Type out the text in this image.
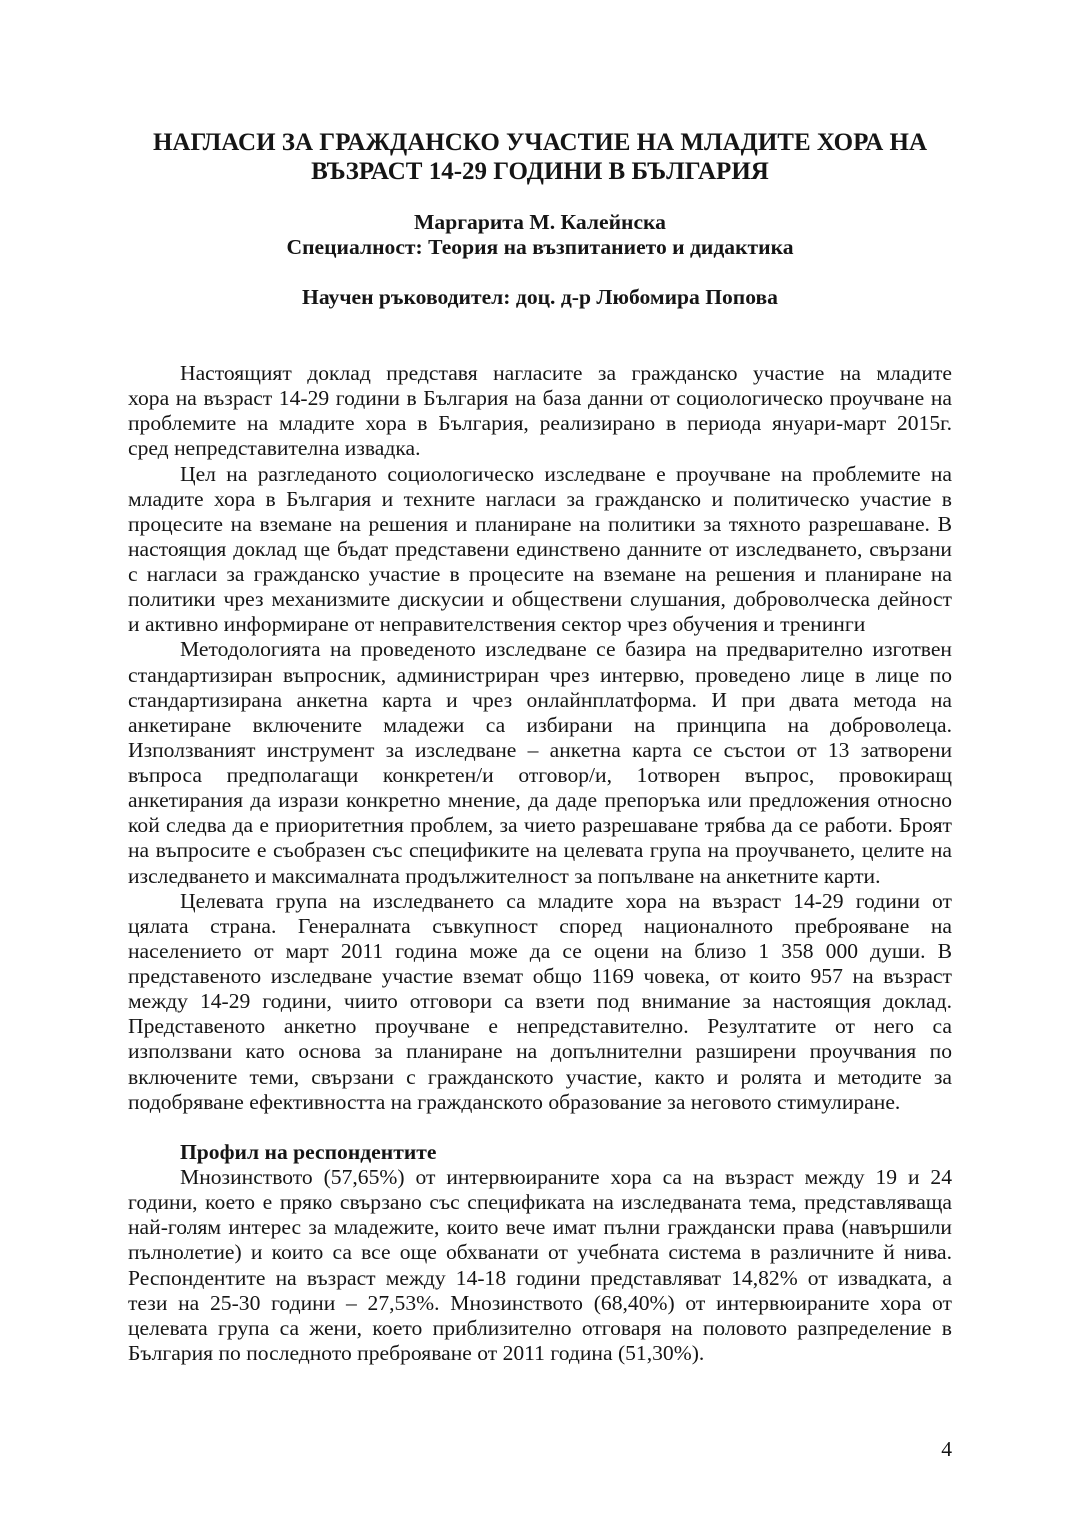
НАГЛАСИ ЗА ГРАЖДАНСКО УЧАСТИЕ НА МЛАДИТЕ ХОРА НА
ВЪЗРАСТ 14-29 ГОДИНИ В БЪЛГАРИЯ
Маргарита М. Калейнска
Специалност: Теория на възпитанието и дидактика
Научен ръководител: доц. д-р Любомира Попова
Настоящият доклад представя нагласите за гражданско участие на младите
хора на възраст 14-29 години в България на база данни от социологическо проучване на
проблемите на младите хора в България, реализирано в периода януари-март 2015г.
сред непредставителна извадка.
Цел на разгледаното социологическо изследване е проучване на проблемите на
младите хора в България и техните нагласи за гражданско и политическо участие в
процесите на вземане на решения и планиране на политики за тяхното разрешаване. В
настоящия доклад ще бъдат представени единствено данните от изследването, свързани
с нагласи за гражданско участие в процесите на вземане на решения и планиране на
политики чрез механизмите дискусии и обществени слушания, доброволческа дейност
и активно информиране от неправителствения сектор чрез обучения и тренинги
Методологията на проведеното изследване се базира на предварително изготвен
стандартизиран въпросник, администриран чрез интервю, проведено лице в лице по
стандартизирана анкетна карта и чрез онлайнплатформа. И при двата метода на
анкетиране включените младежи са избирани на принципа на доброволеца.
Използваният инструмент за изследване – анкетна карта се състои от 13 затворени
въпроса предполагащи конкретен/и отговор/и, 1отворен въпрос, провокиращ
анкетирания да изрази конкретно мнение, да даде препоръка или предложения относно
кой следва да е приоритетния проблем, за чието разрешаване трябва да се работи. Броят
на въпросите е съобразен със спецификите на целевата група на проучването, целите на
изследването и максималната продължителност за попълване на анкетните карти.
Целевата група на изследването са младите хора на възраст 14-29 години от
цялата страна. Генералната съвкупност според националното преброяване на
населението от март 2011 година може да се оцени на близо 1 358 000 души. В
представеното изследване участие вземат общо 1169 човека, от които 957 на възраст
между 14-29 години, чиито отговори са взети под внимание за настоящия доклад.
Представеното анкетно проучване е непредставително. Резултатите от него са
използвани като основа за планиране на допълнителни разширени проучвания по
включените теми, свързани с гражданското участие, както и ролята и методите за
подобряване ефективността на гражданското образование за неговото стимулиране.
Профил на респондентите
Мнозинството (57,65%) от интервюираните хора са на възраст между 19 и 24
години, което е пряко свързано със спецификата на изследваната тема, представляваща
най-голям интерес за младежите, които вече имат пълни граждански права (навършили
пълнолетие) и които са все още обхванати от учебната система в различните й нива.
Респондентите на възраст между 14-18 години представляват 14,82% от извадката, а
тези на 25-30 години – 27,53%. Мнозинството (68,40%) от интервюираните хора от
целевата група са жени, което приблизително отговаря на половото разпределение в
България по последното преброяване от 2011 година (51,30%).
4
